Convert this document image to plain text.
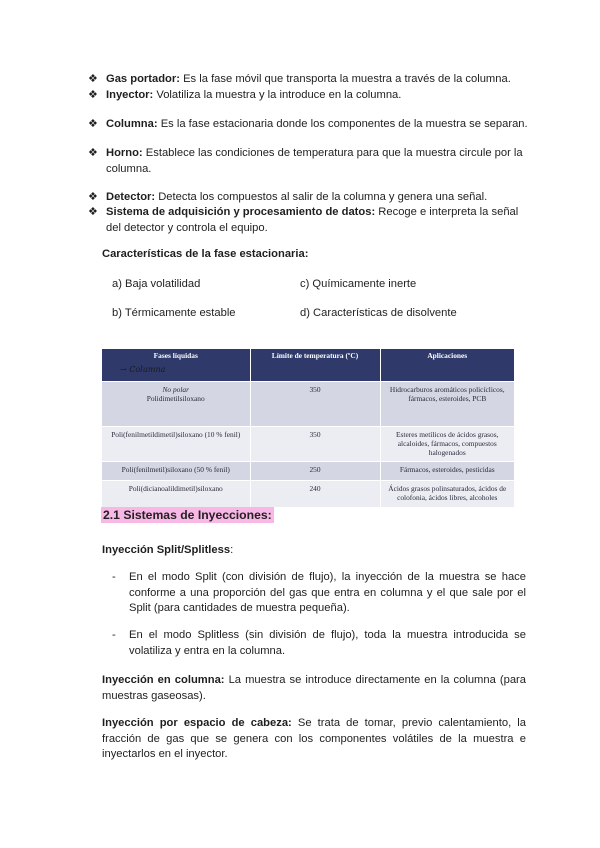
❖ Gas portador: Es la fase móvil que transporta la muestra a través de la columna.
❖ Inyector: Volatiliza la muestra y la introduce en la columna.
❖ Columna: Es la fase estacionaria donde los componentes de la muestra se separan.
❖ Horno: Establece las condiciones de temperatura para que la muestra circule por la columna.
❖ Detector: Detecta los compuestos al salir de la columna y genera una señal.
❖ Sistema de adquisición y procesamiento de datos: Recoge e interpreta la señal del detector y controla el equipo.
Características de la fase estacionaria:
a) Baja volatilidad	c) Químicamente inerte
b) Térmicamente estable	d) Características de disolvente
Fases líquidas
→ Columna	Límite de temperatura (ºC)	Aplicaciones
No polar
Polidimetilsiloxano	350	Hidrocarburos aromáticos policíclicos, fármacos, esteroides, PCB
Poli(fenilmetildimetil)siloxano (10 % fenil)	350	Esteres metílicos de ácidos grasos, alcaloides, fármacos, compuestos halogenados
Poli(fenilmetil)siloxano (50 % fenil)	250	Fármacos, esteroides, pesticidas
Poli(dicianoalildimetil)siloxano	240	Ácidos grasos polinsaturados, ácidos de colofonia, ácidos libres, alcoholes
2.1 Sistemas de Inyecciones:
Inyección Split/Splitless:
-	En el modo Split (con división de flujo), la inyección de la muestra se hace conforme a una proporción del gas que entra en columna y el que sale por el Split (para cantidades de muestra pequeña).
-	En el modo Splitless (sin división de flujo), toda la muestra introducida se volatiliza y entra en la columna.
Inyección en columna: La muestra se introduce directamente en la columna (para muestras gaseosas).
Inyección por espacio de cabeza: Se trata de tomar, previo calentamiento, la fracción de gas que se genera con los componentes volátiles de la muestra e inyectarlos en el inyector.
